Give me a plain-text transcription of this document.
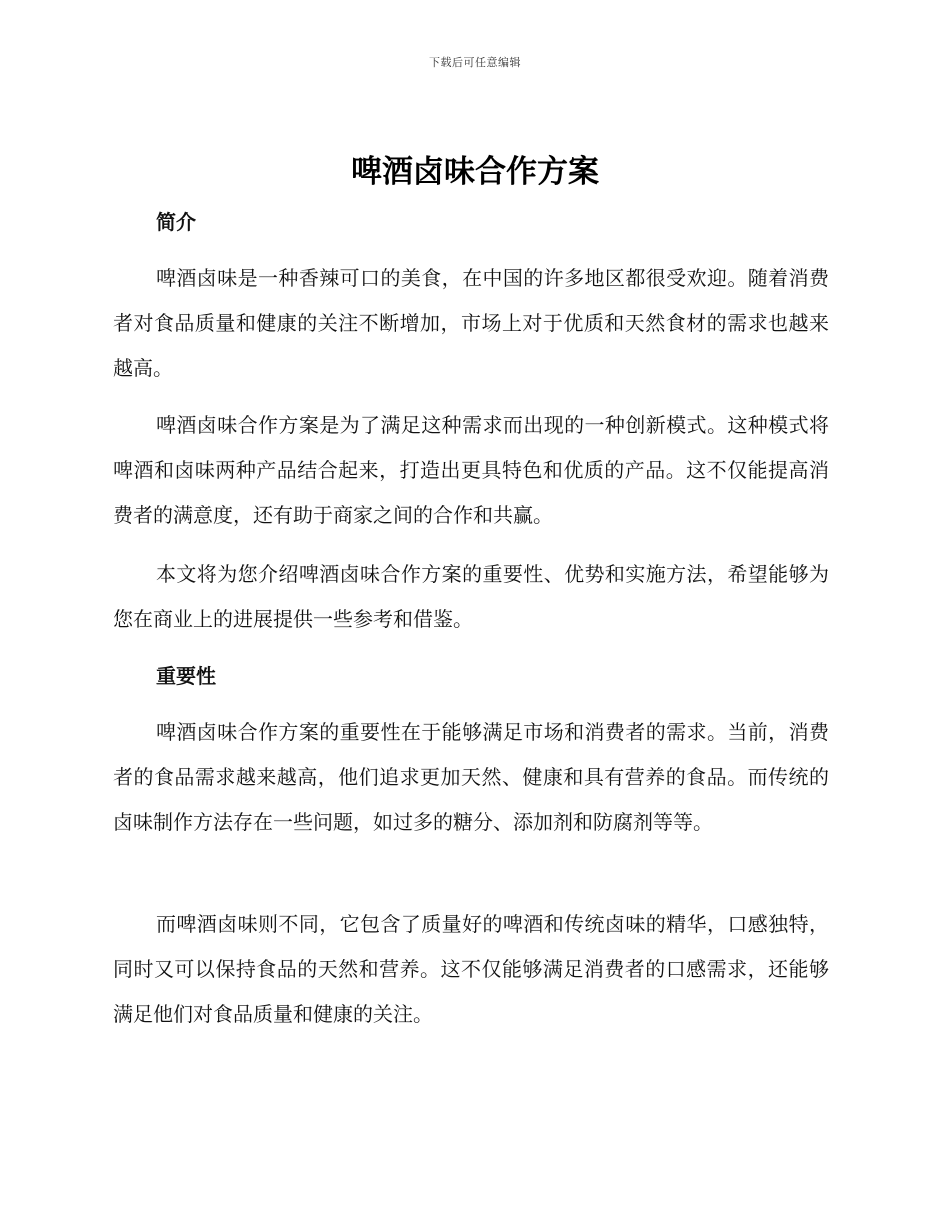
下载后可任意编辑
啤酒卤味合作方案
简介

啤酒卤味是一种香辣可口的美食，在中国的许多地区都很受欢迎。随着消费者对食品质量和健康的关注不断增加，市场上对于优质和天然食材的需求也越来越高。

啤酒卤味合作方案是为了满足这种需求而出现的一种创新模式。这种模式将啤酒和卤味两种产品结合起来，打造出更具特色和优质的产品。这不仅能提高消费者的满意度，还有助于商家之间的合作和共赢。

本文将为您介绍啤酒卤味合作方案的重要性、优势和实施方法，希望能够为您在商业上的进展提供一些参考和借鉴。

重要性

啤酒卤味合作方案的重要性在于能够满足市场和消费者的需求。当前，消费者的食品需求越来越高，他们追求更加天然、健康和具有营养的食品。而传统的卤味制作方法存在一些问题，如过多的糖分、添加剂和防腐剂等等。

而啤酒卤味则不同，它包含了质量好的啤酒和传统卤味的精华，口感独特，同时又可以保持食品的天然和营养。这不仅能够满足消费者的口感需求，还能够满足他们对食品质量和健康的关注。
